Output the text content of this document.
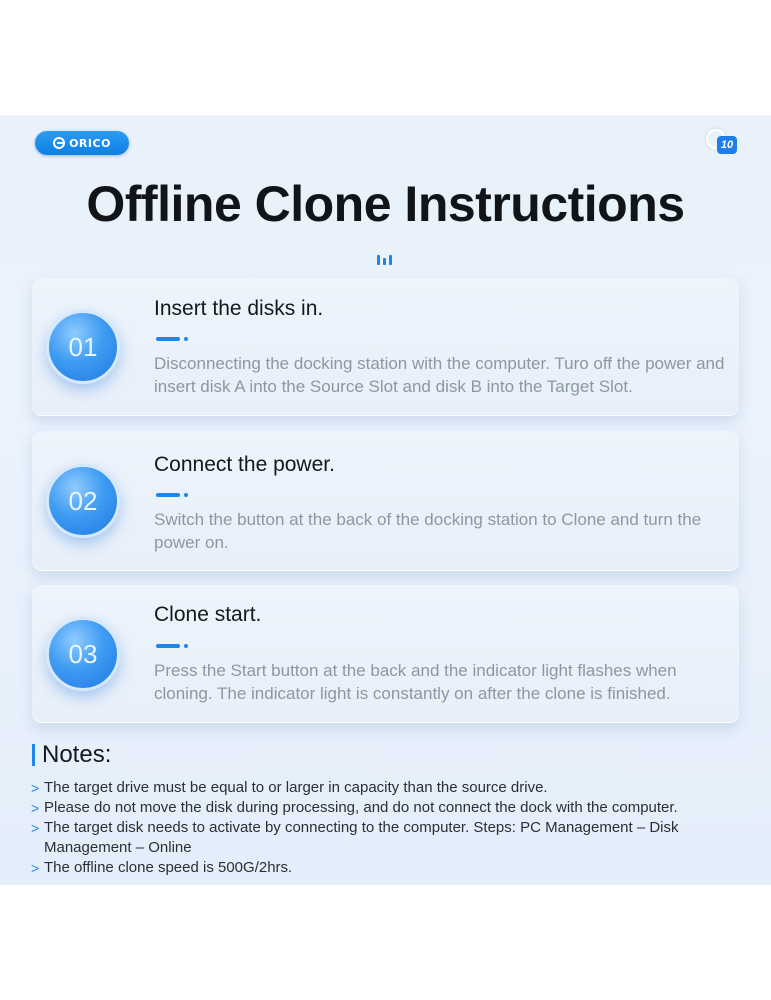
ORICO	10
Offline Clone Instructions
01
Insert the disks in.
Disconnecting the docking station with the computer. Turo off the power and insert disk A into the Source Slot and disk B into the Target Slot.
02
Connect the power.
Switch the button at the back of the docking station to Clone and turn the power on.
03
Clone start.
Press the Start button at the back and the indicator light flashes when cloning. The indicator light is constantly on after the clone is finished.
Notes:
> The target drive must be equal to or larger in capacity than the source drive.
> Please do not move the disk during processing, and do not connect the dock with the computer.
> The target disk needs to activate by connecting to the computer. Steps: PC Management – Disk Management – Online
> The offline clone speed is 500G/2hrs.
